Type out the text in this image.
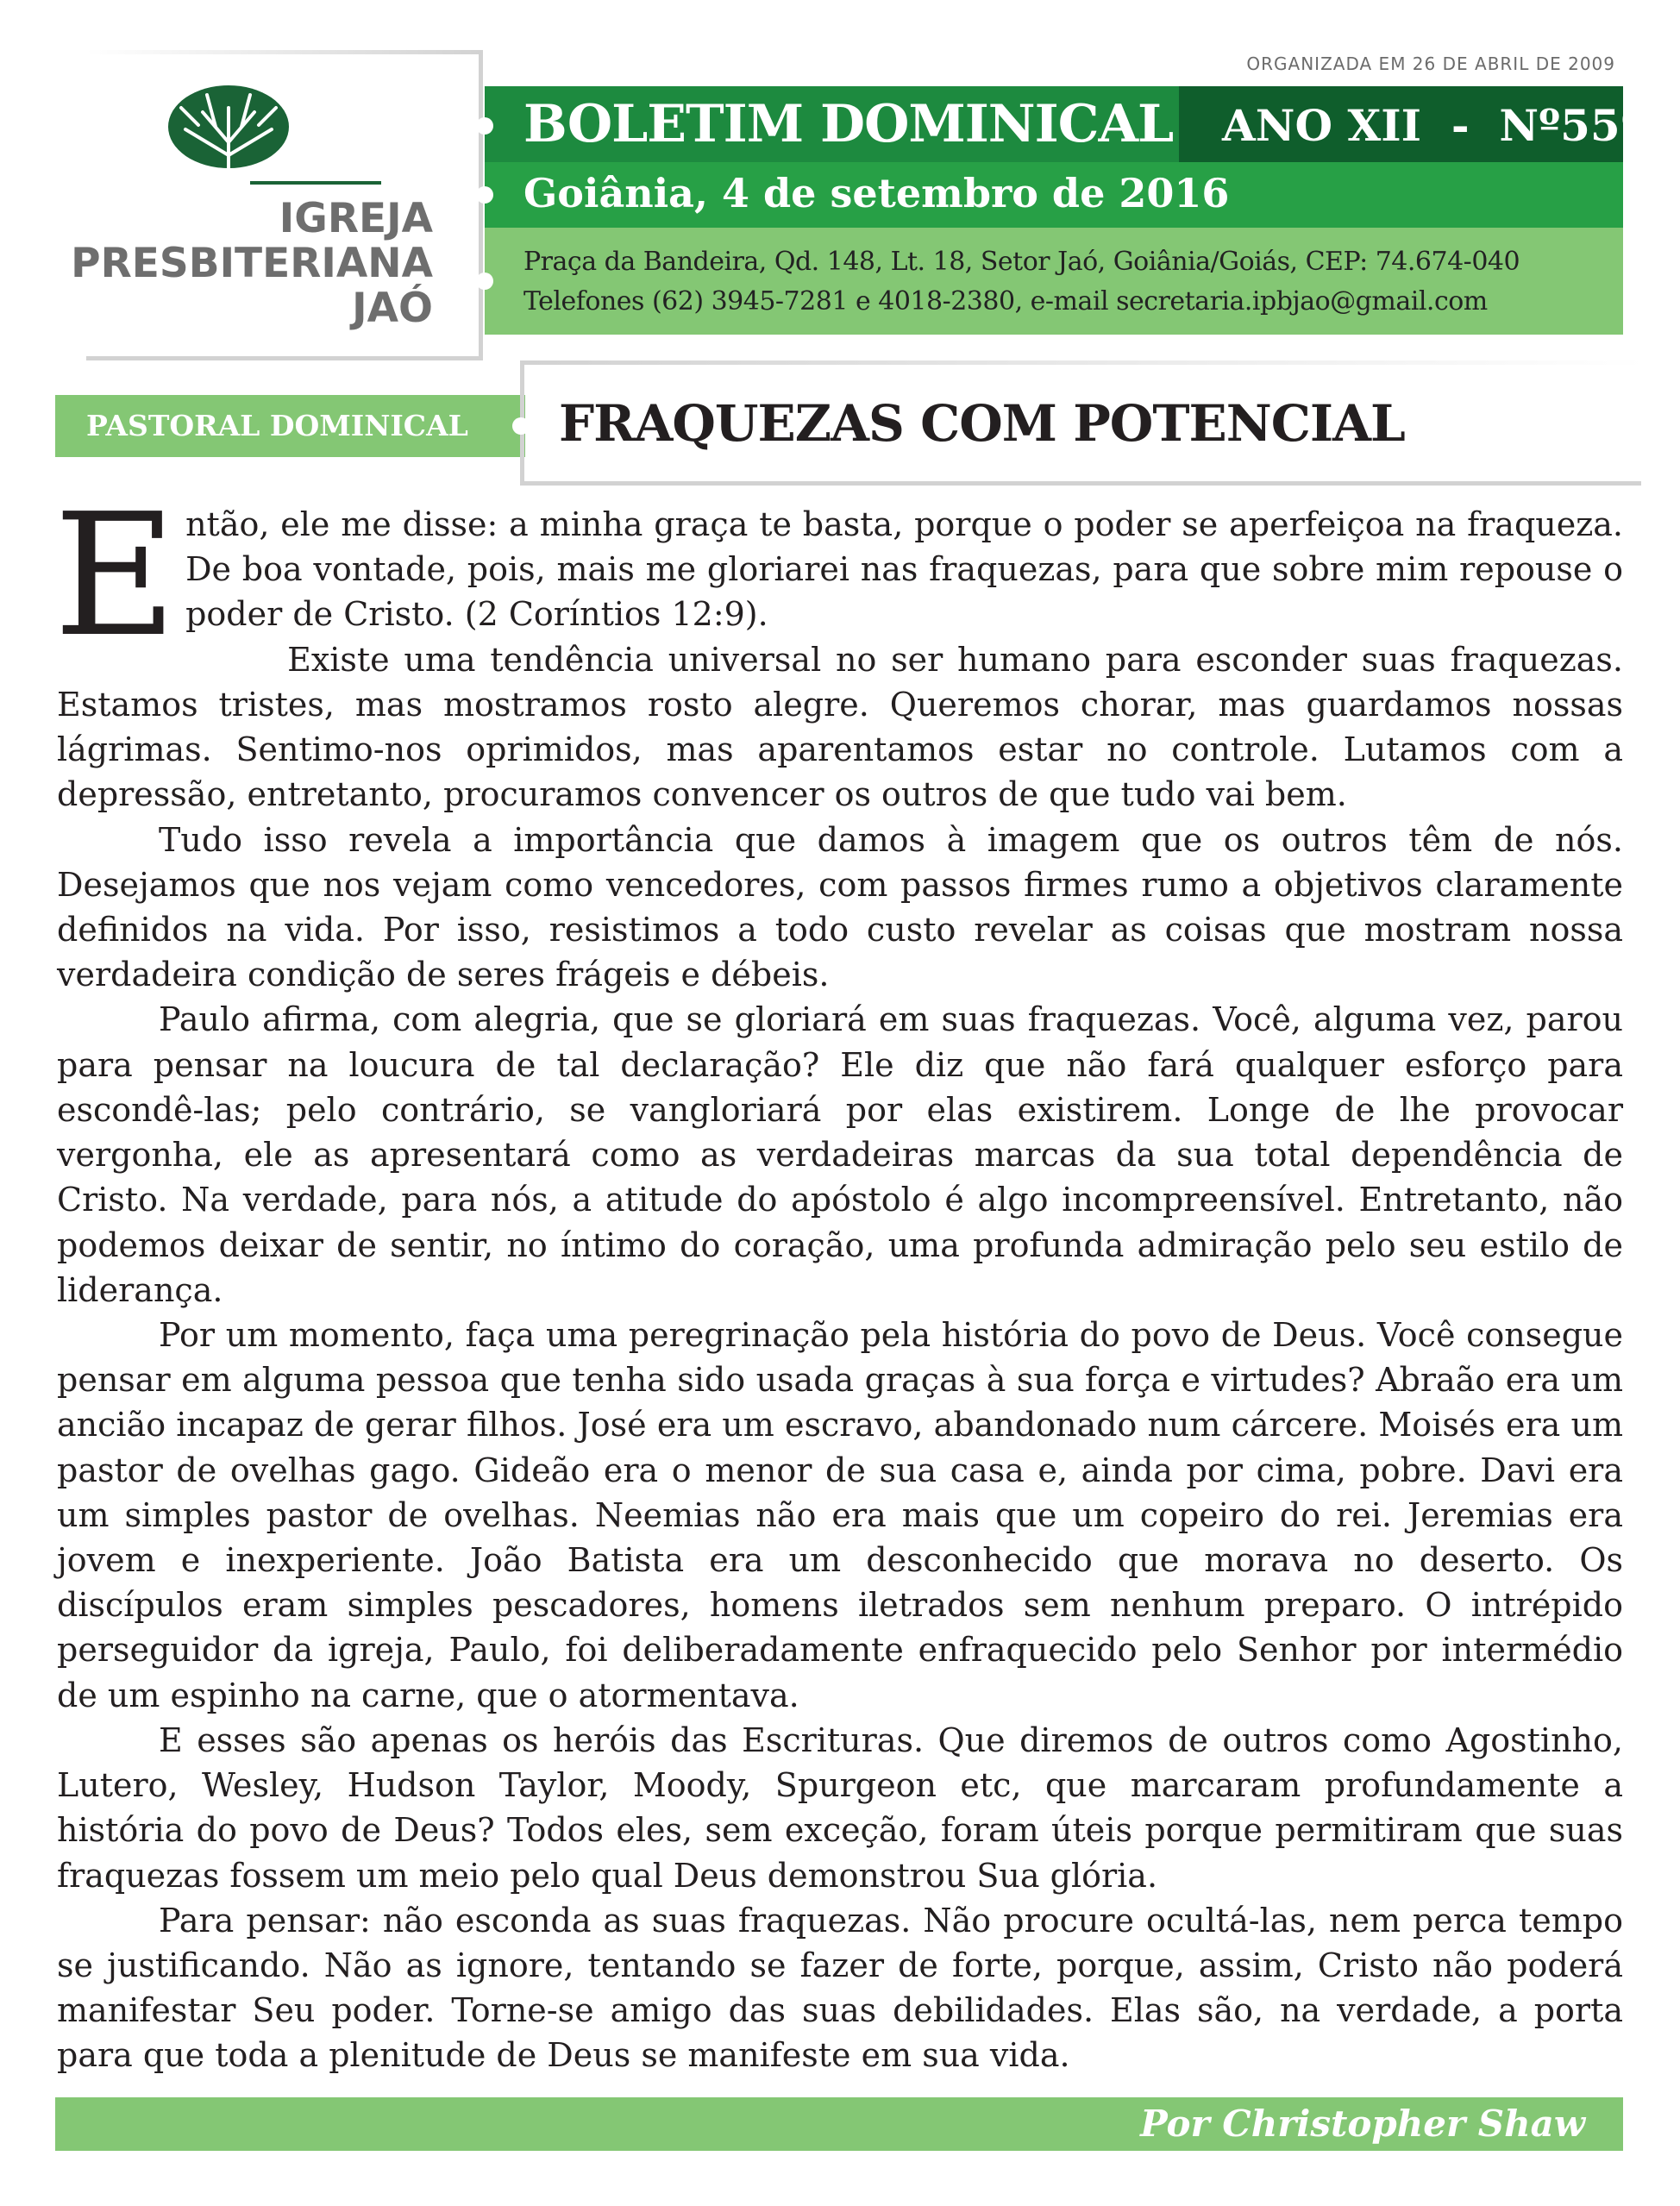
IGREJA
PRESBITERIANA
JAÓ
ORGANIZADA EM 26 DE ABRIL DE 2009
BOLETIM DOMINICAL ANO XII  -  Nº559
Goiânia, 4 de setembro de 2016
Praça da Bandeira, Qd. 148, Lt. 18, Setor Jaó, Goiânia/Goiás, CEP: 74.674-040
Telefones (62) 3945-7281 e 4018-2380, e-mail secretaria.ipbjao@gmail.com
PASTORAL DOMINICAL FRAQUEZAS COM POTENCIAL

Então, ele me disse: a minha graça te basta, porque o poder se aperfeiçoa na fraqueza. De boa vontade, pois, mais me gloriarei nas fraquezas, para que sobre mim repouse o poder de Cristo. (2 Coríntios 12:9).

Existe uma tendência universal no ser humano para esconder suas fraquezas. Estamos tristes, mas mostramos rosto alegre. Queremos chorar, mas guardamos nossas lágrimas. Sentimo-nos oprimidos, mas aparentamos estar no controle. Lutamos com a depressão, entretanto, procuramos convencer os outros de que tudo vai bem.

Tudo isso revela a importância que damos à imagem que os outros têm de nós. Desejamos que nos vejam como vencedores, com passos firmes rumo a objetivos claramente definidos na vida. Por isso, resistimos a todo custo revelar as coisas que mostram nossa verdadeira condição de seres frágeis e débeis.

Paulo afirma, com alegria, que se gloriará em suas fraquezas. Você, alguma vez, parou para pensar na loucura de tal declaração? Ele diz que não fará qualquer esforço para escondê-las; pelo contrário, se vangloriará por elas existirem. Longe de lhe provocar vergonha, ele as apresentará como as verdadeiras marcas da sua total dependência de Cristo. Na verdade, para nós, a atitude do apóstolo é algo incompreensível. Entretanto, não podemos deixar de sentir, no íntimo do coração, uma profunda admiração pelo seu estilo de liderança.

Por um momento, faça uma peregrinação pela história do povo de Deus. Você consegue pensar em alguma pessoa que tenha sido usada graças à sua força e virtudes? Abraão era um ancião incapaz de gerar filhos. José era um escravo, abandonado num cárcere. Moisés era um pastor de ovelhas gago. Gideão era o menor de sua casa e, ainda por cima, pobre. Davi era um simples pastor de ovelhas. Neemias não era mais que um copeiro do rei. Jeremias era jovem e inexperiente. João Batista era um desconhecido que morava no deserto. Os discípulos eram simples pescadores, homens iletrados sem nenhum preparo. O intrépido perseguidor da igreja, Paulo, foi deliberadamente enfraquecido pelo Senhor por intermédio de um espinho na carne, que o atormentava.

E esses são apenas os heróis das Escrituras. Que diremos de outros como Agostinho, Lutero, Wesley, Hudson Taylor, Moody, Spurgeon etc, que marcaram profundamente a história do povo de Deus? Todos eles, sem exceção, foram úteis porque permitiram que suas fraquezas fossem um meio pelo qual Deus demonstrou Sua glória.

Para pensar: não esconda as suas fraquezas. Não procure ocultá-las, nem perca tempo se justificando. Não as ignore, tentando se fazer de forte, porque, assim, Cristo não poderá manifestar Seu poder. Torne-se amigo das suas debilidades. Elas são, na verdade, a porta para que toda a plenitude de Deus se manifeste em sua vida.

Por Christopher Shaw
